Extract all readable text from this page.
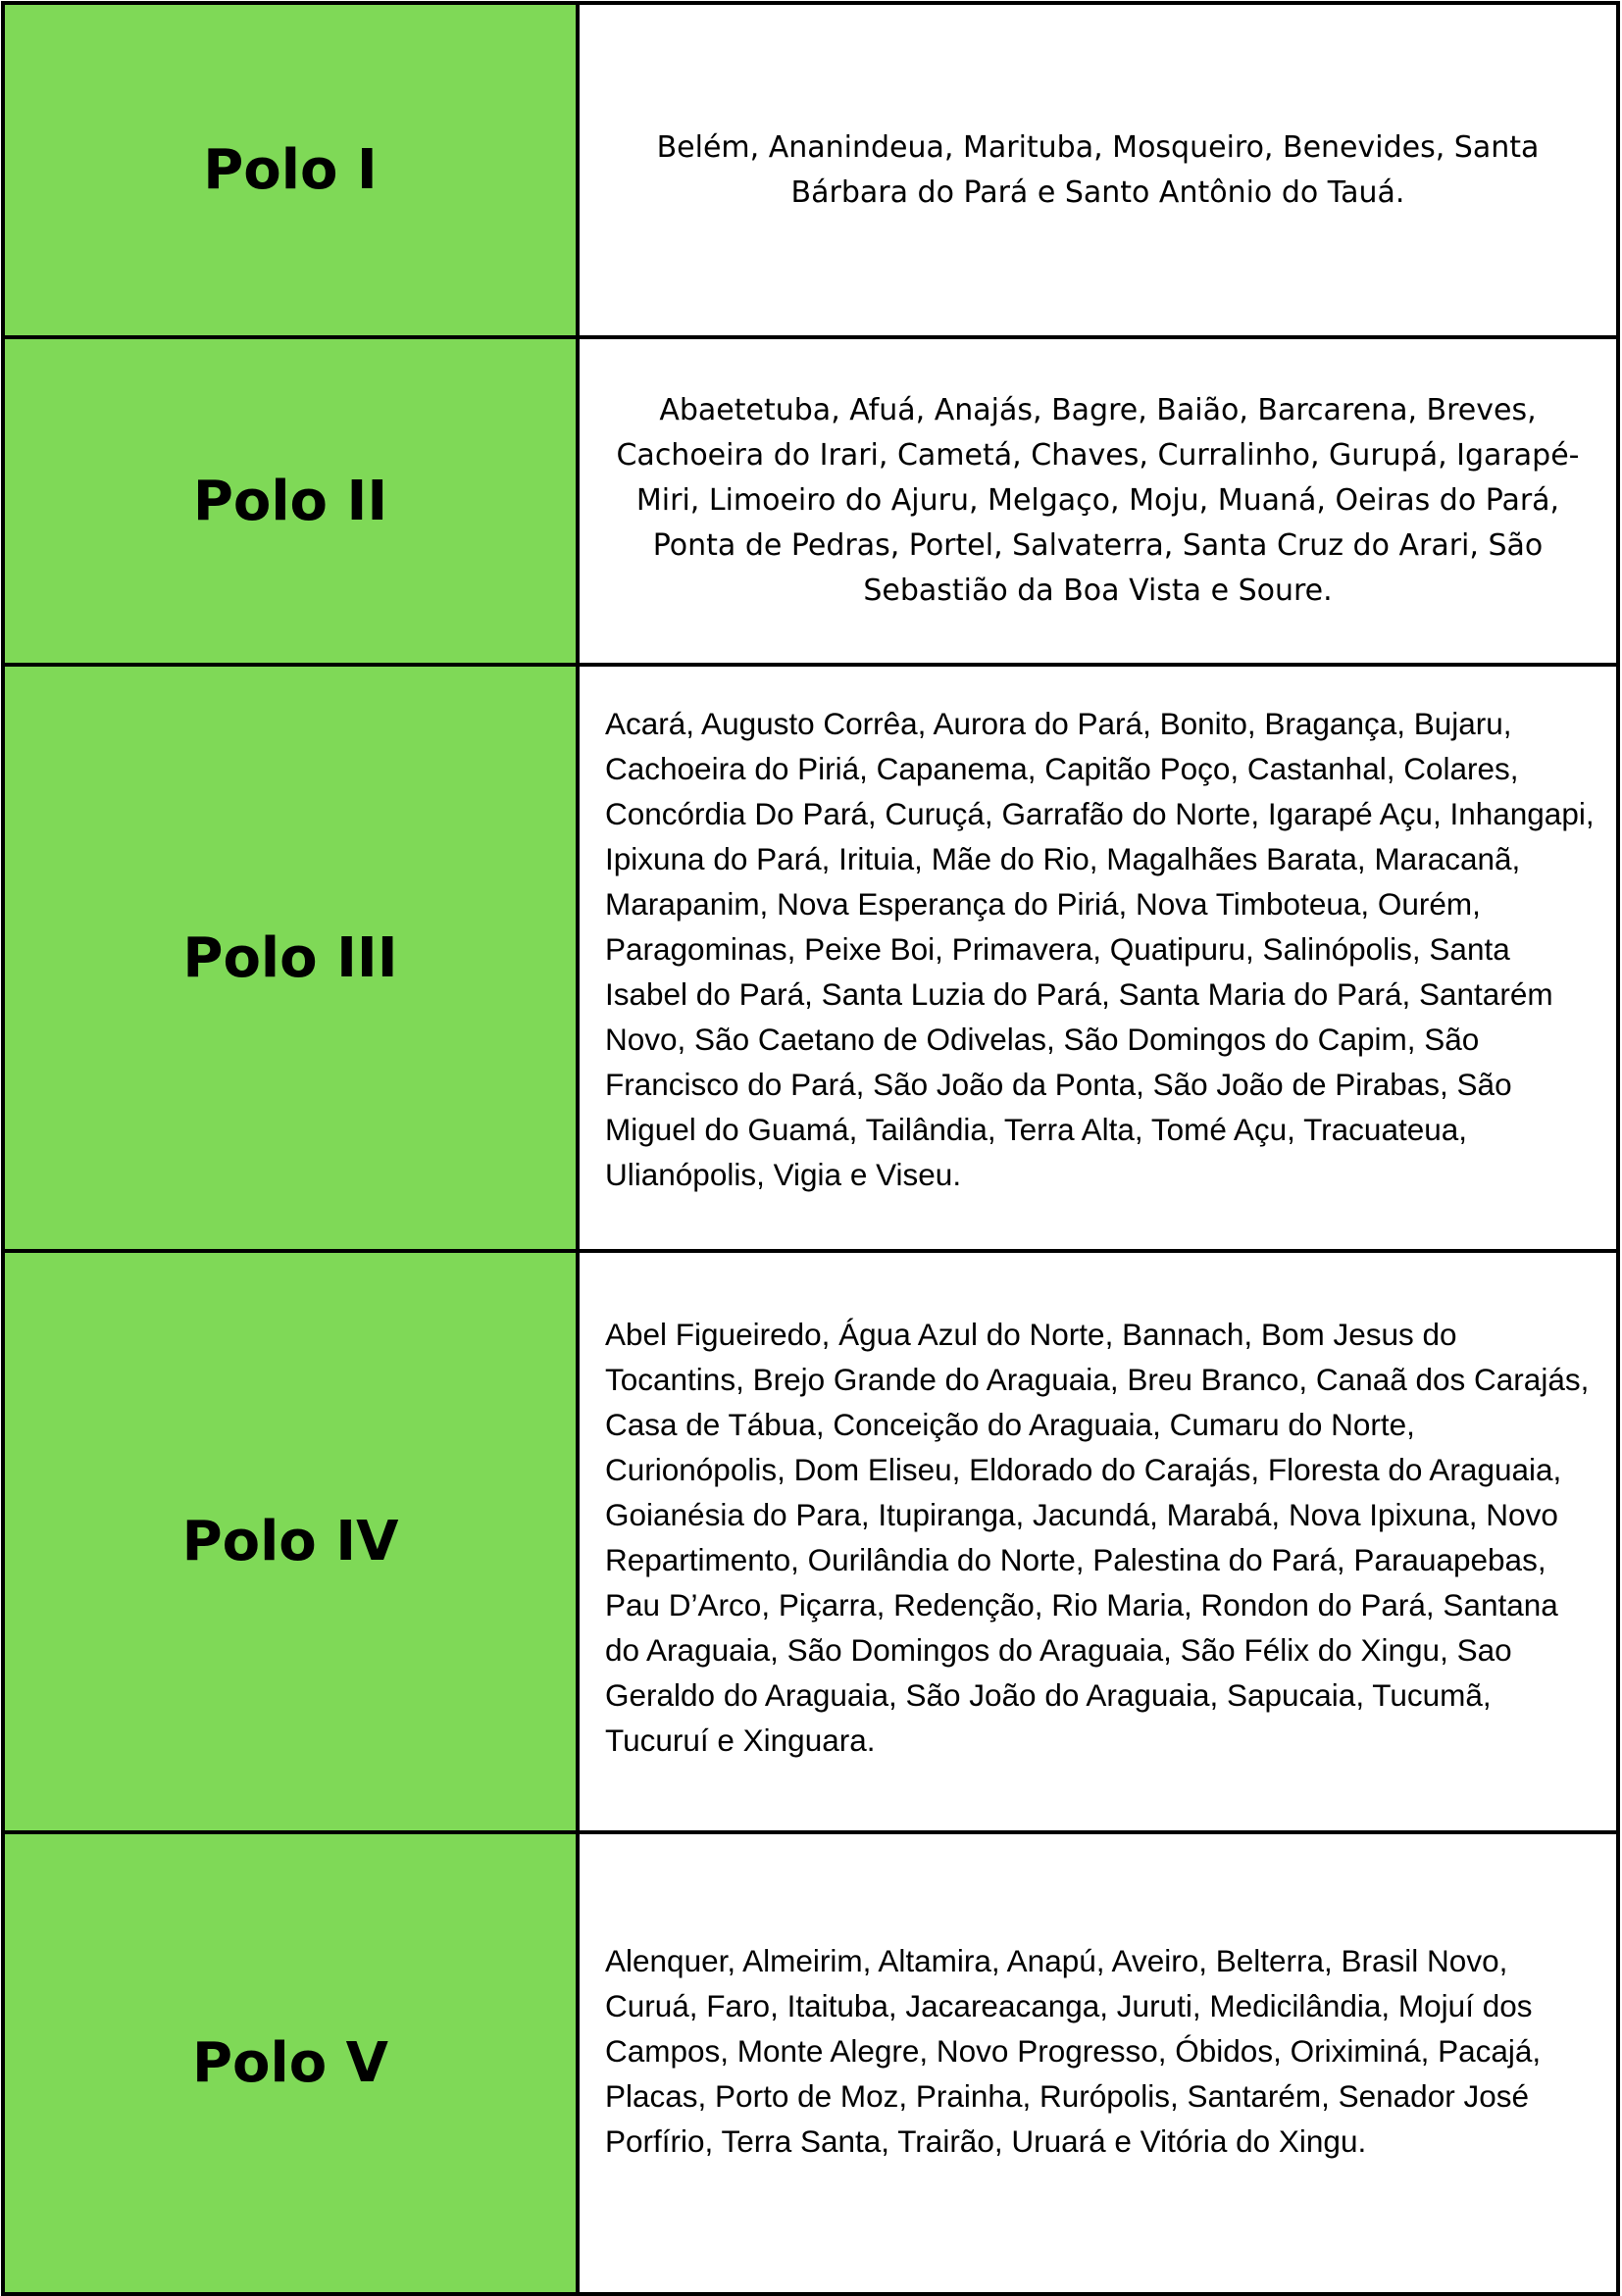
Polo I	Belém, Ananindeua, Marituba, Mosqueiro, Benevides, Santa Bárbara do Pará e Santo Antônio do Tauá.

Polo II	Abaetetuba, Afuá, Anajás, Bagre, Baião, Barcarena, Breves, Cachoeira do Irari, Cametá, Chaves, Curralinho, Gurupá, Igarapé-Miri, Limoeiro do Ajuru, Melgaço, Moju, Muaná, Oeiras do Pará, Ponta de Pedras, Portel, Salvaterra, Santa Cruz do Arari, São Sebastião da Boa Vista e Soure.

Polo III	Acará, Augusto Corrêa, Aurora do Pará, Bonito, Bragança, Bujaru, Cachoeira do Piriá, Capanema, Capitão Poço, Castanhal, Colares, Concórdia Do Pará, Curuçá, Garrafão do Norte, Igarapé Açu, Inhangapi, Ipixuna do Pará, Irituia, Mãe do Rio, Magalhães Barata, Maracanã, Marapanim, Nova Esperança do Piriá, Nova Timboteua, Ourém, Paragominas, Peixe Boi, Primavera, Quatipuru, Salinópolis, Santa Isabel do Pará, Santa Luzia do Pará, Santa Maria do Pará, Santarém Novo, São Caetano de Odivelas, São Domingos do Capim, São Francisco do Pará, São João da Ponta, São João de Pirabas, São Miguel do Guamá, Tailândia, Terra Alta, Tomé Açu, Tracuateua, Ulianópolis, Vigia e Viseu.

Polo IV	Abel Figueiredo, Água Azul do Norte, Bannach, Bom Jesus do Tocantins, Brejo Grande do Araguaia, Breu Branco, Canaã dos Carajás, Casa de Tábua, Conceição do Araguaia, Cumaru do Norte, Curionópolis, Dom Eliseu, Eldorado do Carajás, Floresta do Araguaia, Goianésia do Para, Itupiranga, Jacundá, Marabá, Nova Ipixuna, Novo Repartimento, Ourilândia do Norte, Palestina do Pará, Parauapebas, Pau D’Arco, Piçarra, Redenção, Rio Maria, Rondon do Pará, Santana do Araguaia, São Domingos do Araguaia, São Félix do Xingu, Sao Geraldo do Araguaia, São João do Araguaia, Sapucaia, Tucumã, Tucuruí e Xinguara.

Polo V	Alenquer, Almeirim, Altamira, Anapú, Aveiro, Belterra, Brasil Novo, Curuá, Faro, Itaituba, Jacareacanga, Juruti, Medicilândia, Mojuí dos Campos, Monte Alegre, Novo Progresso, Óbidos, Oriximiná, Pacajá, Placas, Porto de Moz, Prainha, Rurópolis, Santarém, Senador José Porfírio, Terra Santa, Trairão, Uruará e Vitória do Xingu.
